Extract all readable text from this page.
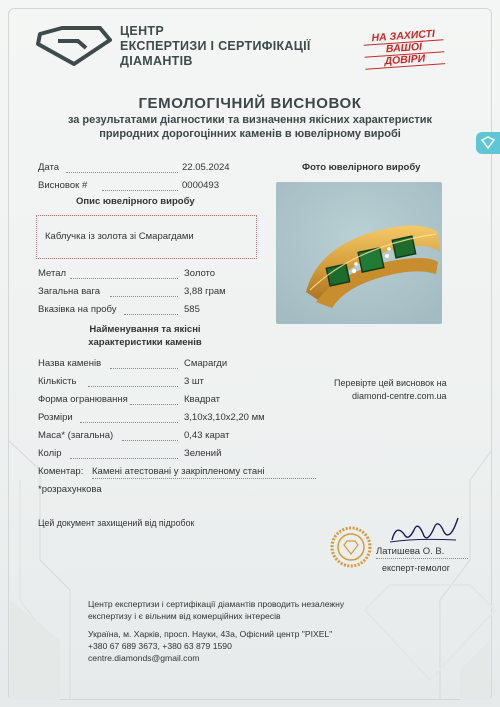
ЦЕНТР
ЕКСПЕРТИЗИ І СЕРТИФІКАЦІЇ
ДІАМАНТІВ
НА ЗАХИСТІ
ВАШОЇ
ДОВІРИ
ГЕМОЛОГІЧНИЙ ВИСНОВОК
за результатами діагностики та визначення якісних характеристик
природних дорогоцінних каменів в ювелірному виробі
Дата	22.05.2024
Висновок #	0000493
Опис ювелірного виробу
Каблучка із золота зі Смарагдами
Метал	Золото
Загальна вага	3,88 грам
Вказівка на пробу	585
Найменування та якісні
характеристики каменів
Назва каменів	Смарагди
Кількість	3 шт
Форма огранювання	Квадрат
Розміри	3,10х3,10х2,20 мм
Маса* (загальна)	0,43 карат
Колір	Зелений
Коментар: Камені атестовані у закріпленому стані
*розрахункова
Фото ювелірного виробу
Перевірте цей висновок на
diamond-centre.com.ua
Цей документ захищений від підробок
Латишева О. В.
експерт-гемолог
Центр експертизи і сертифікації діамантів проводить незалежну
експертизу і є вільним від комерційних інтересів
Україна, м. Харків, просп. Науки, 43а, Офісний центр "PIXEL"
+380 67 689 3673, +380 63 879 1590
centre.diamonds@gmail.com
